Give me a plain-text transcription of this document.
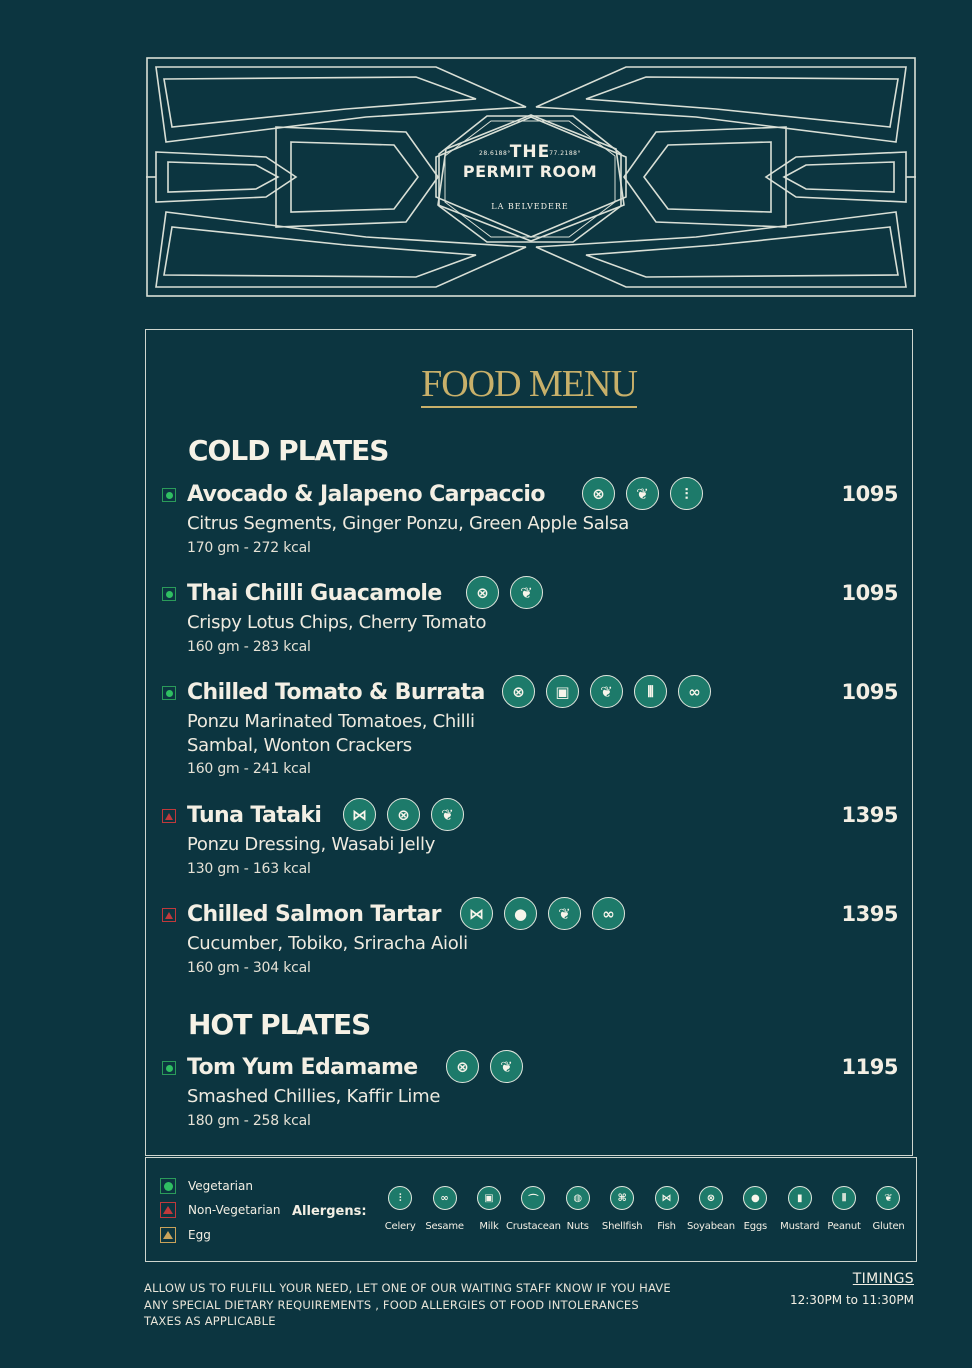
28.6188°	77.2188°
THE
PERMIT ROOM
LA BELVEDERE
FOOD MENU
COLD PLATES
Avocado & Jalapeno Carpaccio	⊗	❦	⫶	1095
Citrus Segments, Ginger Ponzu, Green Apple Salsa
170 gm - 272 kcal
Thai Chilli Guacamole	⊗	❦	1095
Crispy Lotus Chips, Cherry Tomato
160 gm - 283 kcal
Chilled Tomato & Burrata	⊗	▣	❦	⦀	∞	1095
Ponzu Marinated Tomatoes, Chilli Sambal, Wonton Crackers
160 gm - 241 kcal
Tuna Tataki	⋈	⊗	❦	1395
Ponzu Dressing, Wasabi Jelly
130 gm - 163 kcal
Chilled Salmon Tartar	⋈	●	❦	∞	1395
Cucumber, Tobiko, Sriracha Aioli
160 gm - 304 kcal
HOT PLATES
Tom Yum Edamame	⊗	❦	1195
Smashed Chillies, Kaffir Lime
180 gm - 258 kcal
Vegetarian
Non-Vegetarian
Egg
Allergens:
⫶
Celery
∞
Sesame
▣
Milk
⌒
Crustacean
◍
Nuts
⌘
Shellfish
⋈
Fish
⊗
Soyabean
●
Eggs
▮
Mustard
⦀
Peanut
❦
Gluten
ALLOW US TO FULFILL YOUR NEED, LET ONE OF OUR WAITING STAFF KNOW IF YOU HAVE
ANY SPECIAL DIETARY REQUIREMENTS , FOOD ALLERGIES OT FOOD INTOLERANCES
TAXES AS APPLICABLE
TIMINGS
12:30PM to 11:30PM
